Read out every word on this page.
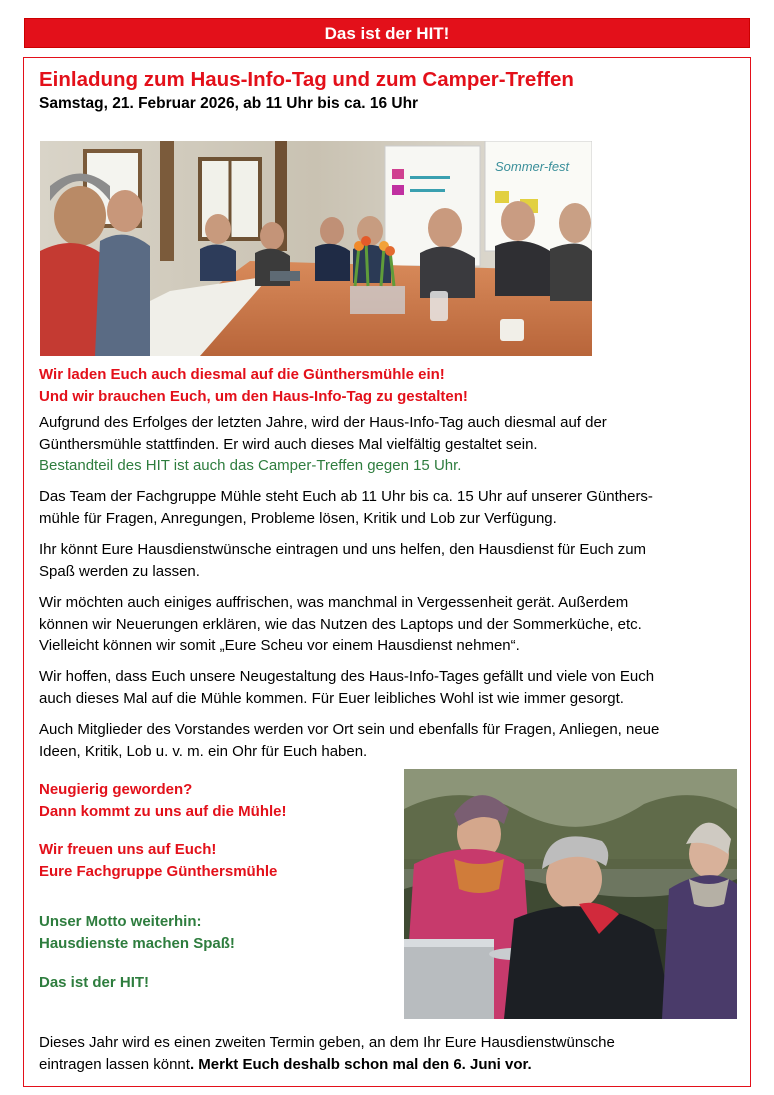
Das ist der HIT!
Einladung zum Haus-Info-Tag und zum Camper-Treffen

Samstag, 21. Februar 2026, ab 11 Uhr bis ca. 16 Uhr

Sommer-fest

Wir laden Euch auch diesmal auf die Günthersmühle ein!
Und wir brauchen Euch, um den Haus-Info-Tag zu gestalten!

Aufgrund des Erfolges der letzten Jahre, wird der Haus-Info-Tag auch diesmal auf der
Günthersmühle stattfinden. Er wird auch dieses Mal vielfältig gestaltet sein.
Bestandteil des HIT ist auch das Camper-Treffen gegen 15 Uhr.

Das Team der Fachgruppe Mühle steht Euch ab 11 Uhr bis ca. 15 Uhr auf unserer Günthers-
mühle für Fragen, Anregungen, Probleme lösen, Kritik und Lob zur Verfügung.

Ihr könnt Eure Hausdienstwünsche eintragen und uns helfen, den Hausdienst für Euch zum
Spaß werden zu lassen.

Wir möchten auch einiges auffrischen, was manchmal in Vergessenheit gerät. Außerdem
können wir Neuerungen erklären, wie das Nutzen des Laptops und der Sommerküche, etc.
Vielleicht können wir somit „Eure Scheu vor einem Hausdienst nehmen“.

Wir hoffen, dass Euch unsere Neugestaltung des Haus-Info-Tages gefällt und viele von Euch
auch dieses Mal auf die Mühle kommen. Für Euer leibliches Wohl ist wie immer gesorgt.

Auch Mitglieder des Vorstandes werden vor Ort sein und ebenfalls für Fragen, Anliegen, neue
Ideen, Kritik, Lob u. v. m. ein Ohr für Euch haben.

Neugierig geworden?
Dann kommt zu uns auf die Mühle!

Wir freuen uns auf Euch!
Eure Fachgruppe Günthersmühle

Unser Motto weiterhin:
Hausdienste machen Spaß!

Das ist der HIT!

Dieses Jahr wird es einen zweiten Termin geben, an dem Ihr Eure Hausdienstwünsche
eintragen lassen könnt. Merkt Euch deshalb schon mal den 6. Juni vor.
